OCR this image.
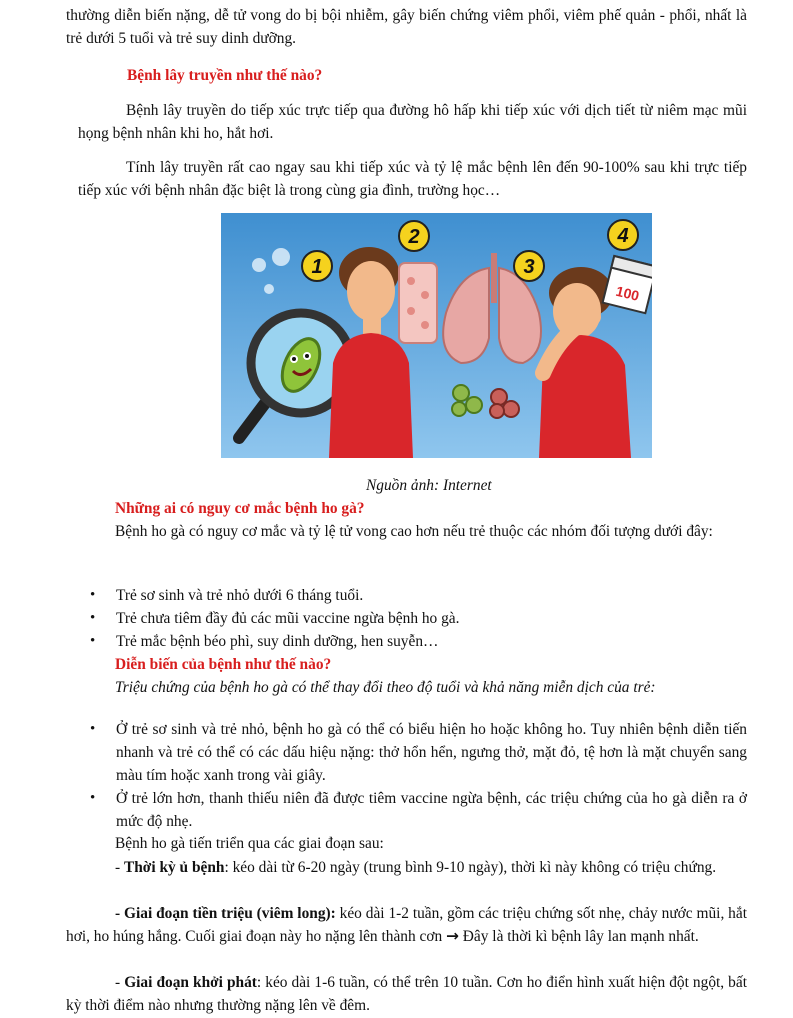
thường diễn biến nặng, dễ tử vong do bị bội nhiễm, gây biến chứng viêm phổi, viêm phế quản - phổi, nhất là trẻ dưới 5 tuổi và trẻ suy dinh dưỡng.

Bệnh lây truyền như thế nào?

Bệnh lây truyền do tiếp xúc trực tiếp qua đường hô hấp khi tiếp xúc với dịch tiết từ niêm mạc mũi họng bệnh nhân khi ho, hắt hơi.

Tính lây truyền rất cao ngay sau khi tiếp xúc và tỷ lệ mắc bệnh lên đến 90-100% sau khi trực tiếp tiếp xúc với bệnh nhân đặc biệt là trong cùng gia đình, trường học…

100
1
2
3
4

Nguồn ảnh: Internet

Những ai có nguy cơ mắc bệnh ho gà?

Bệnh ho gà có nguy cơ mắc và tỷ lệ tử vong cao hơn nếu trẻ thuộc các nhóm đối tượng dưới đây:

• Trẻ sơ sinh và trẻ nhỏ dưới 6 tháng tuổi.
• Trẻ chưa tiêm đầy đủ các mũi vaccine ngừa bệnh ho gà.
• Trẻ mắc bệnh béo phì, suy dinh dưỡng, hen suyễn…

Diễn biến của bệnh như thế nào?

Triệu chứng của bệnh ho gà có thể thay đổi theo độ tuổi và khả năng miễn dịch của trẻ:

• Ở trẻ sơ sinh và trẻ nhỏ, bệnh ho gà có thể có biểu hiện ho hoặc không ho. Tuy nhiên bệnh diễn tiến nhanh và trẻ có thể có các dấu hiệu nặng: thở hổn hển, ngưng thở, mặt đỏ, tệ hơn là mặt chuyển sang màu tím hoặc xanh trong vài giây.
• Ở trẻ lớn hơn, thanh thiếu niên đã được tiêm vaccine ngừa bệnh, các triệu chứng của ho gà diễn ra ở mức độ nhẹ.

Bệnh ho gà tiến triển qua các giai đoạn sau:

- Thời kỳ ủ bệnh: kéo dài từ 6-20 ngày (trung bình 9-10 ngày), thời kì này không có triệu chứng.

- Giai đoạn tiền triệu (viêm long): kéo dài 1-2 tuần, gồm các triệu chứng sốt nhẹ, chảy nước mũi, hắt hơi, ho húng hắng. Cuối giai đoạn này ho nặng lên thành cơn → Đây là thời kì bệnh lây lan mạnh nhất.

- Giai đoạn khởi phát: kéo dài 1-6 tuần, có thể trên 10 tuần. Cơn ho điển hình xuất hiện đột ngột, bất kỳ thời điểm nào nhưng thường nặng lên về đêm.
